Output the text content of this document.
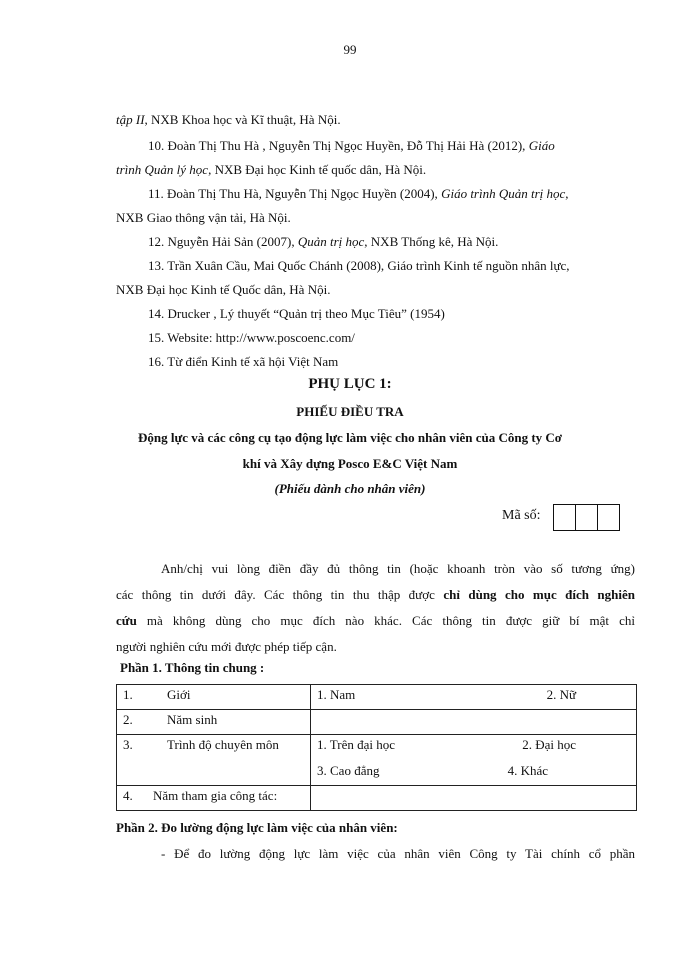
99
tập II, NXB Khoa học và Kĩ thuật, Hà Nội.
10. Đoàn Thị Thu Hà , Nguyễn Thị Ngọc Huyền, Đỗ Thị Hải Hà (2012), Giáo
trình Quản lý học, NXB Đại học Kinh tế quốc dân, Hà Nội.
11. Đoàn Thị Thu Hà, Nguyễn Thị Ngọc Huyền (2004), Giáo trình Quản trị học,
NXB Giao thông vận tải, Hà Nội.
12. Nguyễn Hải Sản (2007), Quản trị học, NXB Thống kê, Hà Nội.
13. Trần Xuân Cầu, Mai Quốc Chánh (2008), Giáo trình Kinh tế nguồn nhân lực,
NXB Đại học Kinh tế Quốc dân, Hà Nội.
14. Drucker , Lý thuyết “Quản trị theo Mục Tiêu” (1954)
15. Website: http://www.poscoenc.com/
16. Từ điển Kinh tế xã hội Việt Nam
PHỤ LỤC 1:
PHIẾU ĐIỀU TRA
Động lực và các công cụ tạo động lực làm việc cho nhân viên của Công ty Cơ
khí và Xây dựng Posco E&C Việt Nam
(Phiếu dành cho nhân viên)
Mã số:
Anh/chị vui lòng điền đầy đủ thông tin (hoặc khoanh tròn vào số tương ứng)
các thông tin dưới đây. Các thông tin thu thập được chỉ dùng cho mục đích nghiên
cứu mà không dùng cho mục đích nào khác. Các thông tin được giữ bí mật chỉ
người nghiên cứu mới được phép tiếp cận.
Phần 1. Thông tin chung :
1. Giới	1. Nam 2. Nữ

2. Năm sinh	
3. Trình độ chuyên môn	1. Trên đại học 2. Đại học
3. Cao đẳng 4. Khác

4. Năm tham gia công tác:	
Phần 2. Đo lường động lực làm việc của nhân viên:
- Để đo lường động lực làm việc của nhân viên Công ty Tài chính cổ phần
